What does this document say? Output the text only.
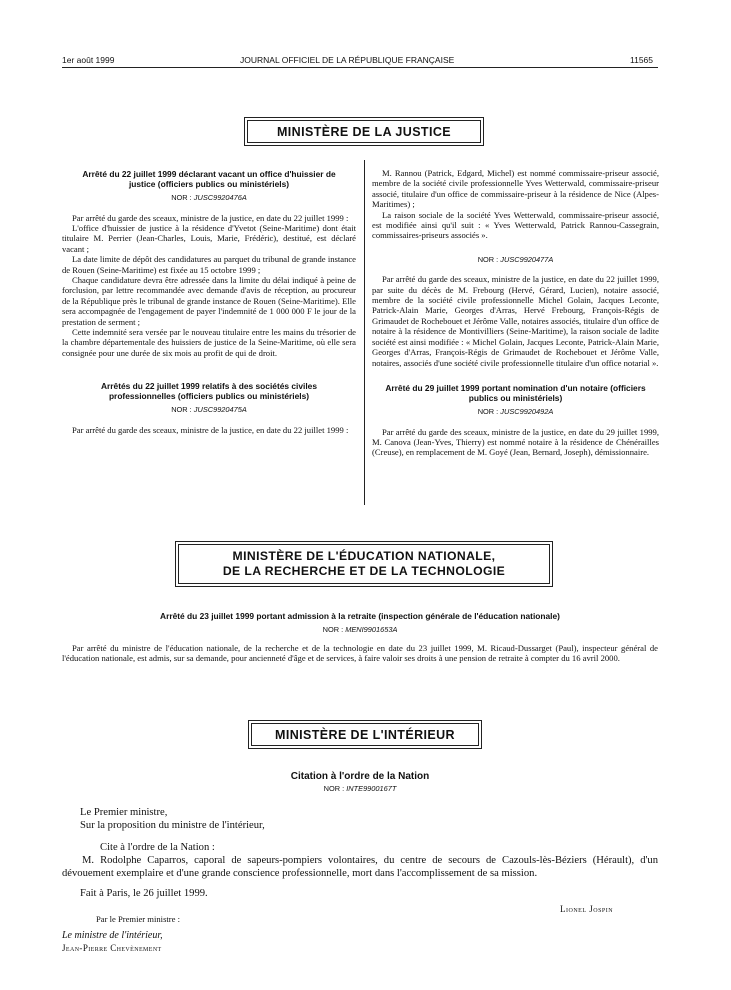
1er août 1999	JOURNAL OFFICIEL DE LA RÉPUBLIQUE FRANÇAISE	11565
MINISTÈRE DE LA JUSTICE
Arrêté du 22 juillet 1999 déclarant vacant un office d'huissier de justice (officiers publics ou ministériels)
NOR : JUSC9920476A

Par arrêté du garde des sceaux, ministre de la justice, en date du 22 juillet 1999 :

L'office d'huissier de justice à la résidence d'Yvetot (Seine-Maritime) dont était titulaire M. Perrier (Jean-Charles, Louis, Marie, Frédéric), destitué, est déclaré vacant ;

La date limite de dépôt des candidatures au parquet du tribunal de grande instance de Rouen (Seine-Maritime) est fixée au 15 octobre 1999 ;

Chaque candidature devra être adressée dans la limite du délai indiqué à peine de forclusion, par lettre recommandée avec demande d'avis de réception, au procureur de la République près le tribunal de grande instance de Rouen (Seine-Maritime). Elle sera accompagnée de l'engagement de payer l'indemnité de 1 000 000 F le jour de la prestation de serment ;

Cette indemnité sera versée par le nouveau titulaire entre les mains du trésorier de la chambre départementale des huissiers de justice de la Seine-Maritime, où elle sera consignée pour une durée de six mois au profit de qui de droit.

Arrêtés du 22 juillet 1999 relatifs à des sociétés civiles professionnelles (officiers publics ou ministériels)
NOR : JUSC9920475A

Par arrêté du garde des sceaux, ministre de la justice, en date du 22 juillet 1999 :

M. Rannou (Patrick, Edgard, Michel) est nommé commissaire-priseur associé, membre de la société civile professionnelle Yves Wetterwald, commissaire-priseur associé, titulaire d'un office de commissaire-priseur à la résidence de Nice (Alpes-Maritimes) ;

La raison sociale de la société Yves Wetterwald, commissaire-priseur associé, est modifiée ainsi qu'il suit : « Yves Wetterwald, Patrick Rannou-Cassegrain, commissaires-priseurs associés ».

NOR : JUSC9920477A

Par arrêté du garde des sceaux, ministre de la justice, en date du 22 juillet 1999, par suite du décès de M. Frebourg (Hervé, Gérard, Lucien), notaire associé, membre de la société civile professionnelle Michel Golain, Jacques Leconte, Patrick-Alain Marie, Georges d'Arras, Hervé Frebourg, François-Régis de Grimaudet de Rochebouet et Jérôme Valle, notaires associés, titulaire d'un office de notaire à la résidence de Montivilliers (Seine-Maritime), la raison sociale de ladite société est ainsi modifiée : « Michel Golain, Jacques Leconte, Patrick-Alain Marie, Georges d'Arras, François-Régis de Grimaudet de Rochebouet et Jérôme Valle, notaires, associés d'une société civile professionnelle titulaire d'un office notarial ».

Arrêté du 29 juillet 1999 portant nomination d'un notaire (officiers publics ou ministériels)
NOR : JUSC9920492A

Par arrêté du garde des sceaux, ministre de la justice, en date du 29 juillet 1999, M. Canova (Jean-Yves, Thierry) est nommé notaire à la résidence de Chénérailles (Creuse), en remplacement de M. Goyé (Jean, Bernard, Joseph), démissionnaire.

MINISTÈRE DE L'ÉDUCATION NATIONALE,
DE LA RECHERCHE ET DE LA TECHNOLOGIE
Arrêté du 23 juillet 1999 portant admission à la retraite (inspection générale de l'éducation nationale)
NOR : MENI9901653A

Par arrêté du ministre de l'éducation nationale, de la recherche et de la technologie en date du 23 juillet 1999, M. Ricaud-Dussarget (Paul), inspecteur général de l'éducation nationale, est admis, sur sa demande, pour ancienneté d'âge et de services, à faire valoir ses droits à une pension de retraite à compter du 16 avril 2000.

MINISTÈRE DE L'INTÉRIEUR
Citation à l'ordre de la Nation
NOR : INTE9900167T

Le Premier ministre,

Sur la proposition du ministre de l'intérieur,

Cite à l'ordre de la Nation :

M. Rodolphe Caparros, caporal de sapeurs-pompiers volontaires, du centre de secours de Cazouls-lès-Béziers (Hérault), d'un dévouement exemplaire et d'une grande conscience professionnelle, mort dans l'accomplissement de sa mission.

Fait à Paris, le 26 juillet 1999.
Lionel Jospin
Par le Premier ministre :
Le ministre de l'intérieur,
Jean-Pierre Chevènement
